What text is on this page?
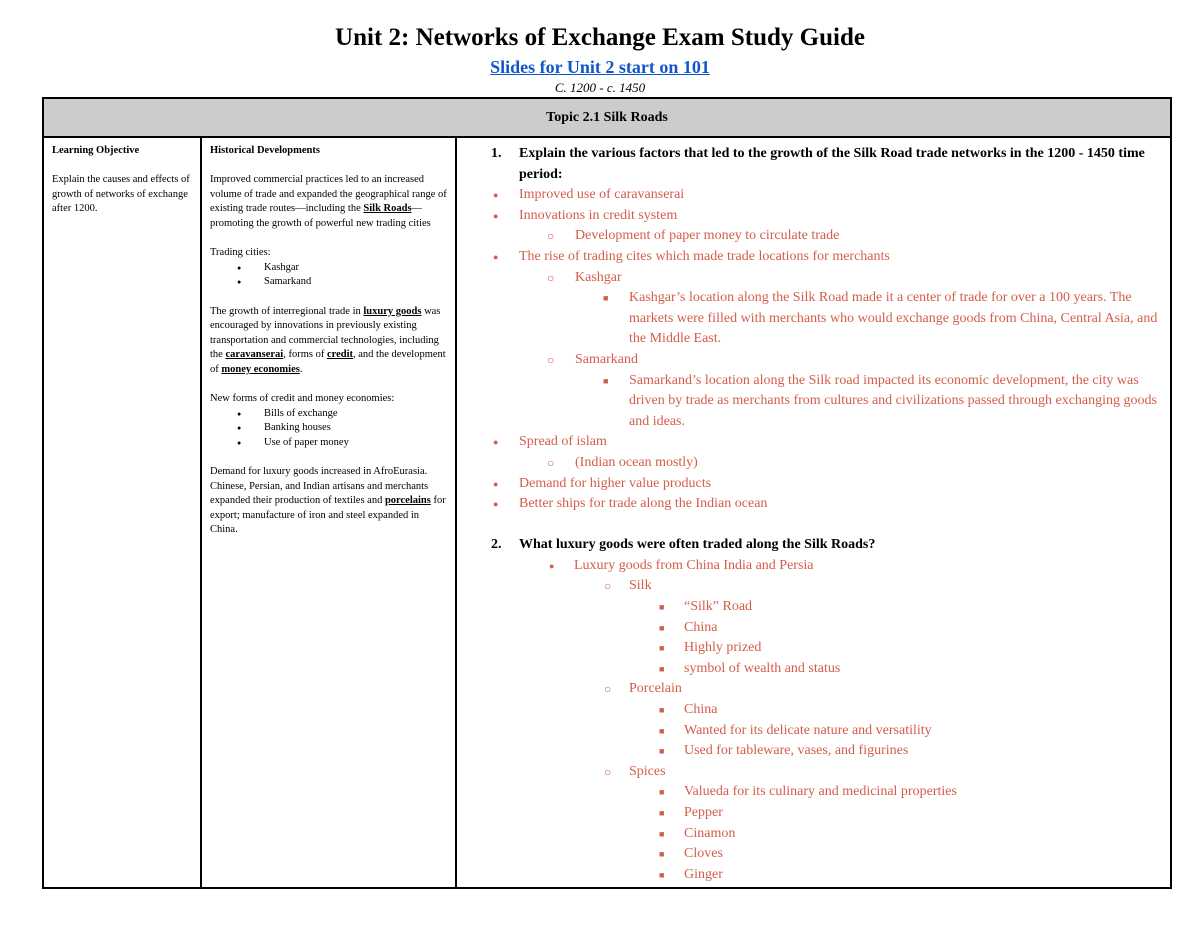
Unit 2: Networks of Exchange Exam Study Guide
Slides for Unit 2 start on 101
C. 1200 - c. 1450
Topic 2.1 Silk Roads

Learning Objective

Explain the causes and effects of growth of networks of exchange after 1200.

Historical Developments

Improved commercial practices led to an increased volume of trade and expanded the geographical range of existing trade routes—including the Silk Roads—promoting the growth of powerful new trading cities

Trading cities:

● Kashgar
● Samarkand

The growth of interregional trade in luxury goods was encouraged by innovations in previously existing transportation and commercial technologies, including the caravanserai, forms of credit, and the development of money economies.

New forms of credit and money economies:

● Bills of exchange
● Banking houses
● Use of paper money

Demand for luxury goods increased in AfroEurasia. Chinese, Persian, and Indian artisans and merchants expanded their production of textiles and porcelains for export; manufacture of iron and steel expanded in China.

1. Explain the various factors that led to the growth of the Silk Road trade networks in the 1200 - 1450 time period:
● Improved use of caravanserai
● Innovations in credit system
○ Development of paper money to circulate trade
● The rise of trading cites which made trade locations for merchants
○ Kashgar
■ Kashgar’s location along the Silk Road made it a center of trade for over a 100 years. The markets were filled with merchants who would exchange goods from China, Central Asia, and the Middle East.
○ Samarkand
■ Samarkand’s location along the Silk road impacted its economic development, the city was driven by trade as merchants from cultures and civilizations passed through exchanging goods and ideas.
● Spread of islam
○ (Indian ocean mostly)
● Demand for higher value products
● Better ships for trade along the Indian ocean
2. What luxury goods were often traded along the Silk Roads?
● Luxury goods from China India and Persia
○ Silk
■ “Silk” Road
■ China
■ Highly prized
■ symbol of wealth and status
○ Porcelain
■ China
■ Wanted for its delicate nature and versatility
■ Used for tableware, vases, and figurines
○ Spices
■ Valueda for its culinary and medicinal properties
■ Pepper
■ Cinamon
■ Cloves
■ Ginger
